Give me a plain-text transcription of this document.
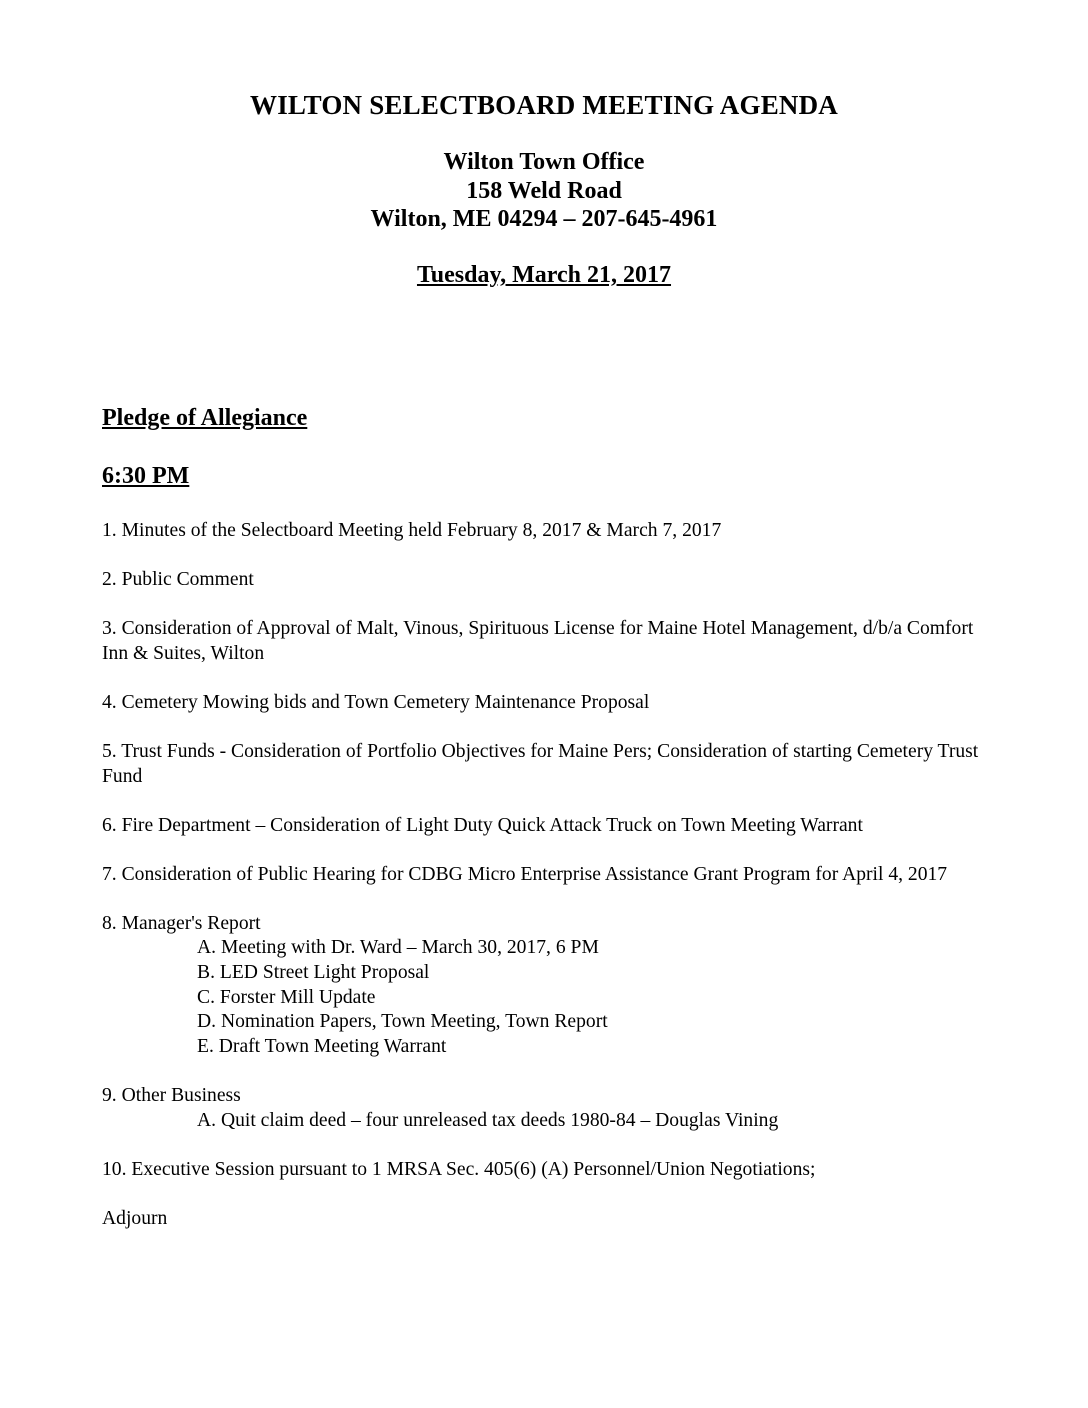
WILTON SELECTBOARD MEETING AGENDA
Wilton Town Office
158 Weld Road
Wilton, ME 04294 – 207-645-4961
Tuesday, March 21, 2017
Pledge of Allegiance
6:30 PM

1. Minutes of the Selectboard Meeting held February 8, 2017 & March 7, 2017

2. Public Comment

3. Consideration of Approval of Malt, Vinous, Spirituous License for Maine Hotel Management, d/b/a Comfort Inn & Suites, Wilton

4. Cemetery Mowing bids and Town Cemetery Maintenance Proposal

5. Trust Funds - Consideration of Portfolio Objectives for Maine Pers; Consideration of starting Cemetery Trust Fund

6. Fire Department – Consideration of Light Duty Quick Attack Truck on Town Meeting Warrant

7. Consideration of Public Hearing for CDBG Micro Enterprise Assistance Grant Program for April 4, 2017

8. Manager's Report

A. Meeting with Dr. Ward – March 30, 2017, 6 PM

B. LED Street Light Proposal

C. Forster Mill Update

D. Nomination Papers, Town Meeting, Town Report

E. Draft Town Meeting Warrant

9. Other Business

A. Quit claim deed – four unreleased tax deeds 1980-84 – Douglas Vining

10. Executive Session pursuant to 1 MRSA Sec. 405(6) (A) Personnel/Union Negotiations;

Adjourn
